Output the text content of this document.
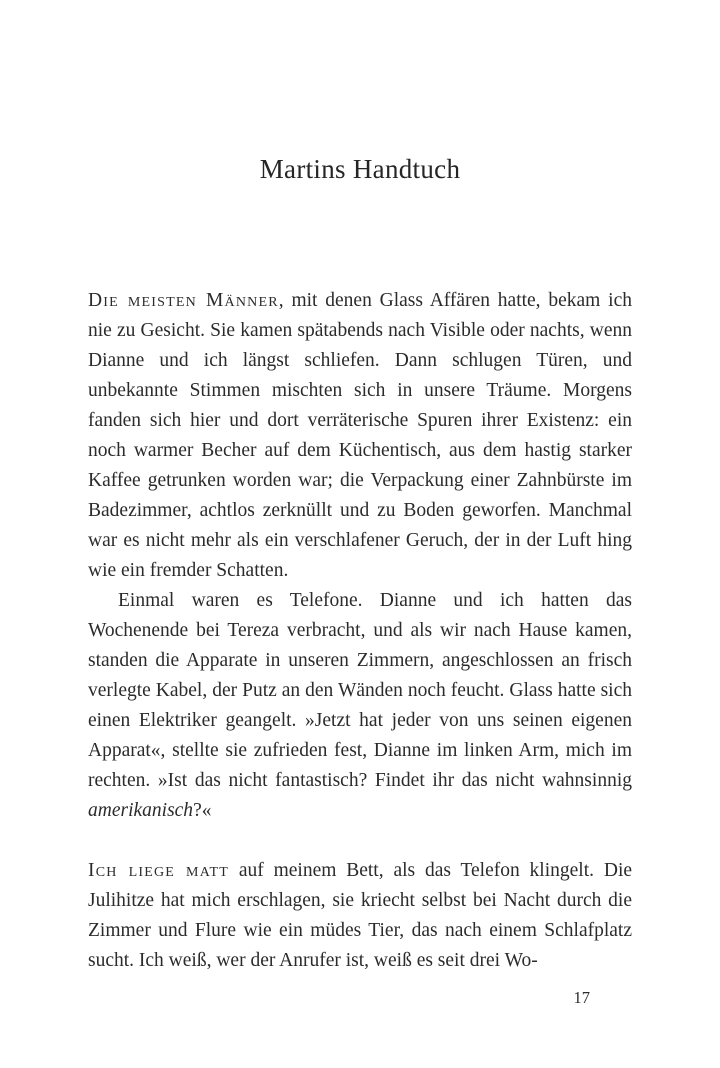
Martins Handtuch

Die meisten Männer, mit denen Glass Affären hatte, bekam ich nie zu Gesicht. Sie kamen spätabends nach Visible oder nachts, wenn Dianne und ich längst schliefen. Dann schlugen Türen, und unbekannte Stimmen mischten sich in unsere Träume. Morgens fanden sich hier und dort verräterische Spuren ihrer Existenz: ein noch warmer Becher auf dem Küchentisch, aus dem hastig starker Kaffee getrunken worden war; die Verpackung einer Zahnbürste im Badezimmer, achtlos zerknüllt und zu Boden geworfen. Manchmal war es nicht mehr als ein verschlafener Geruch, der in der Luft hing wie ein fremder Schatten.

Einmal waren es Telefone. Dianne und ich hatten das Wochenende bei Tereza verbracht, und als wir nach Hause kamen, standen die Apparate in unseren Zimmern, angeschlossen an frisch verlegte Kabel, der Putz an den Wänden noch feucht. Glass hatte sich einen Elektriker geangelt. »Jetzt hat jeder von uns seinen eigenen Apparat«, stellte sie zufrieden fest, Dianne im linken Arm, mich im rechten. »Ist das nicht fantastisch? Findet ihr das nicht wahnsinnig amerikanisch?«

Ich liege matt auf meinem Bett, als das Telefon klingelt. Die Julihitze hat mich erschlagen, sie kriecht selbst bei Nacht durch die Zimmer und Flure wie ein müdes Tier, das nach einem Schlafplatz sucht. Ich weiß, wer der Anrufer ist, weiß es seit drei Wo-

17
